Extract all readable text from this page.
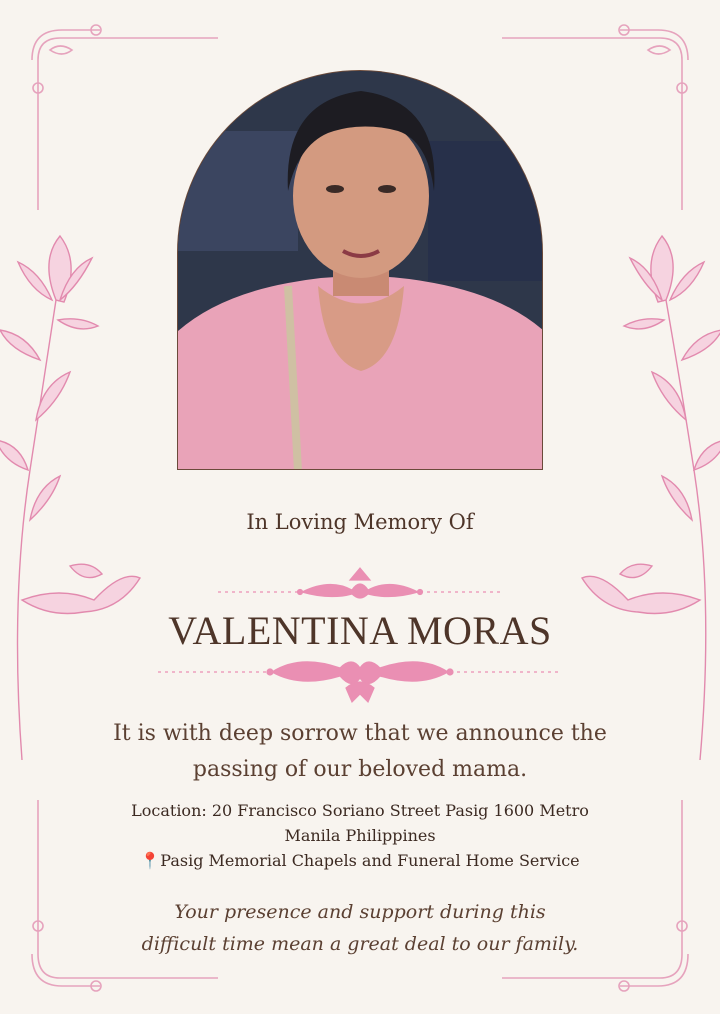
In Loving Memory Of
VALENTINA MORAS
It is with deep sorrow that we announce the
passing of our beloved mama.
Location: 20 Francisco Soriano Street Pasig 1600 Metro
Manila Philippines
📍Pasig Memorial Chapels and Funeral Home Service
Your presence and support during this
difficult time mean a great deal to our family.
